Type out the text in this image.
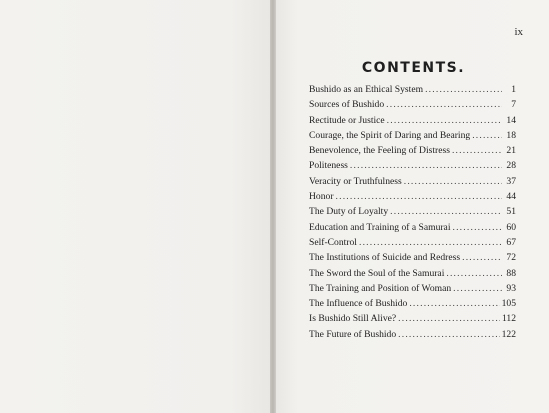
ix
CONTENTS.
Bushido as an Ethical System .....	1
Sources of Bushido .....	7
Rectitude or Justice .....	14
Courage, the Spirit of Daring and Bearing .....	18
Benevolence, the Feeling of Distress .....	21
Politeness .....	28
Veracity or Truthfulness .....	37
Honor .....	44
The Duty of Loyalty .....	51
Education and Training of a Samurai .....	60
Self-Control .....	67
The Institutions of Suicide and Redress .....	72
The Sword the Soul of the Samurai .....	88
The Training and Position of Woman .....	93
The Influence of Bushido .....	105
Is Bushido Still Alive? .....	112
The Future of Bushido .....	122
